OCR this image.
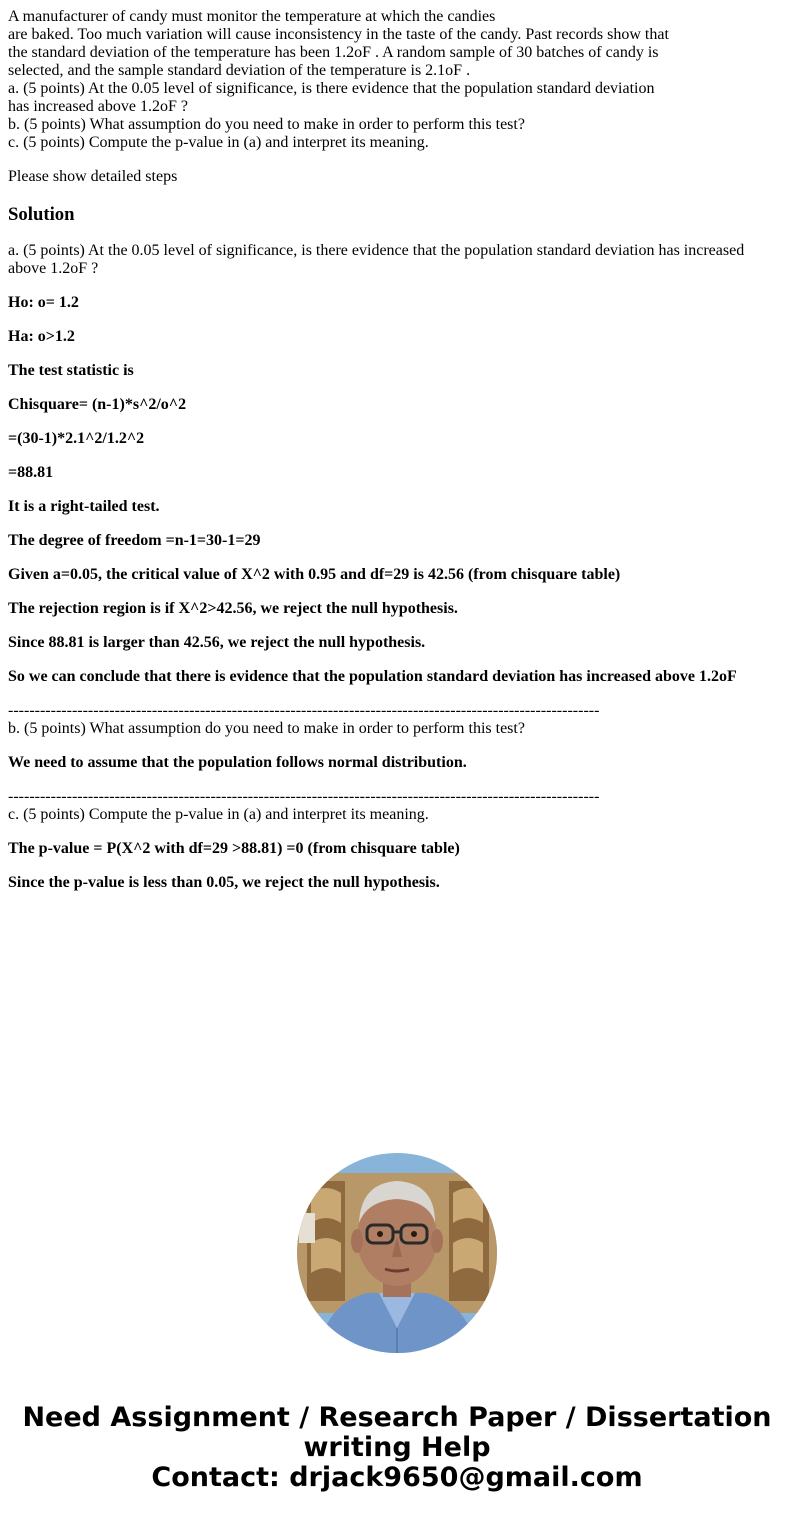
A manufacturer of candy must monitor the temperature at which the candies
are baked. Too much variation will cause inconsistency in the taste of the candy. Past records show that
the standard deviation of the temperature has been 1.2oF . A random sample of 30 batches of candy is
selected, and the sample standard deviation of the temperature is 2.1oF .
a. (5 points) At the 0.05 level of significance, is there evidence that the population standard deviation
has increased above 1.2oF ?
b. (5 points) What assumption do you need to make in order to perform this test?
c. (5 points) Compute the p-value in (a) and interpret its meaning.

Please show detailed steps

Solution

a. (5 points) At the 0.05 level of significance, is there evidence that the population standard deviation has increased above 1.2oF ?

Ho: o= 1.2

Ha: o>1.2

The test statistic is

Chisquare= (n-1)*s^2/o^2

=(30-1)*2.1^2/1.2^2

=88.81

It is a right-tailed test.

The degree of freedom =n-1=30-1=29

Given a=0.05, the critical value of X^2 with 0.95 and df=29 is 42.56 (from chisquare table)

The rejection region is if X^2>42.56, we reject the null hypothesis.

Since 88.81 is larger than 42.56, we reject the null hypothesis.

So we can conclude that there is evidence that the population standard deviation has increased above 1.2oF

---------------------------------------------------------------------------------------------------------------
b. (5 points) What assumption do you need to make in order to perform this test?

We need to assume that the population follows normal distribution.

---------------------------------------------------------------------------------------------------------------
c. (5 points) Compute the p-value in (a) and interpret its meaning.

The p-value = P(X^2 with df=29 >88.81) =0 (from chisquare table)

Since the p-value is less than 0.05, we reject the null hypothesis.

Need Assignment / Research Paper / Dissertation
writing Help
Contact: drjack9650@gmail.com
